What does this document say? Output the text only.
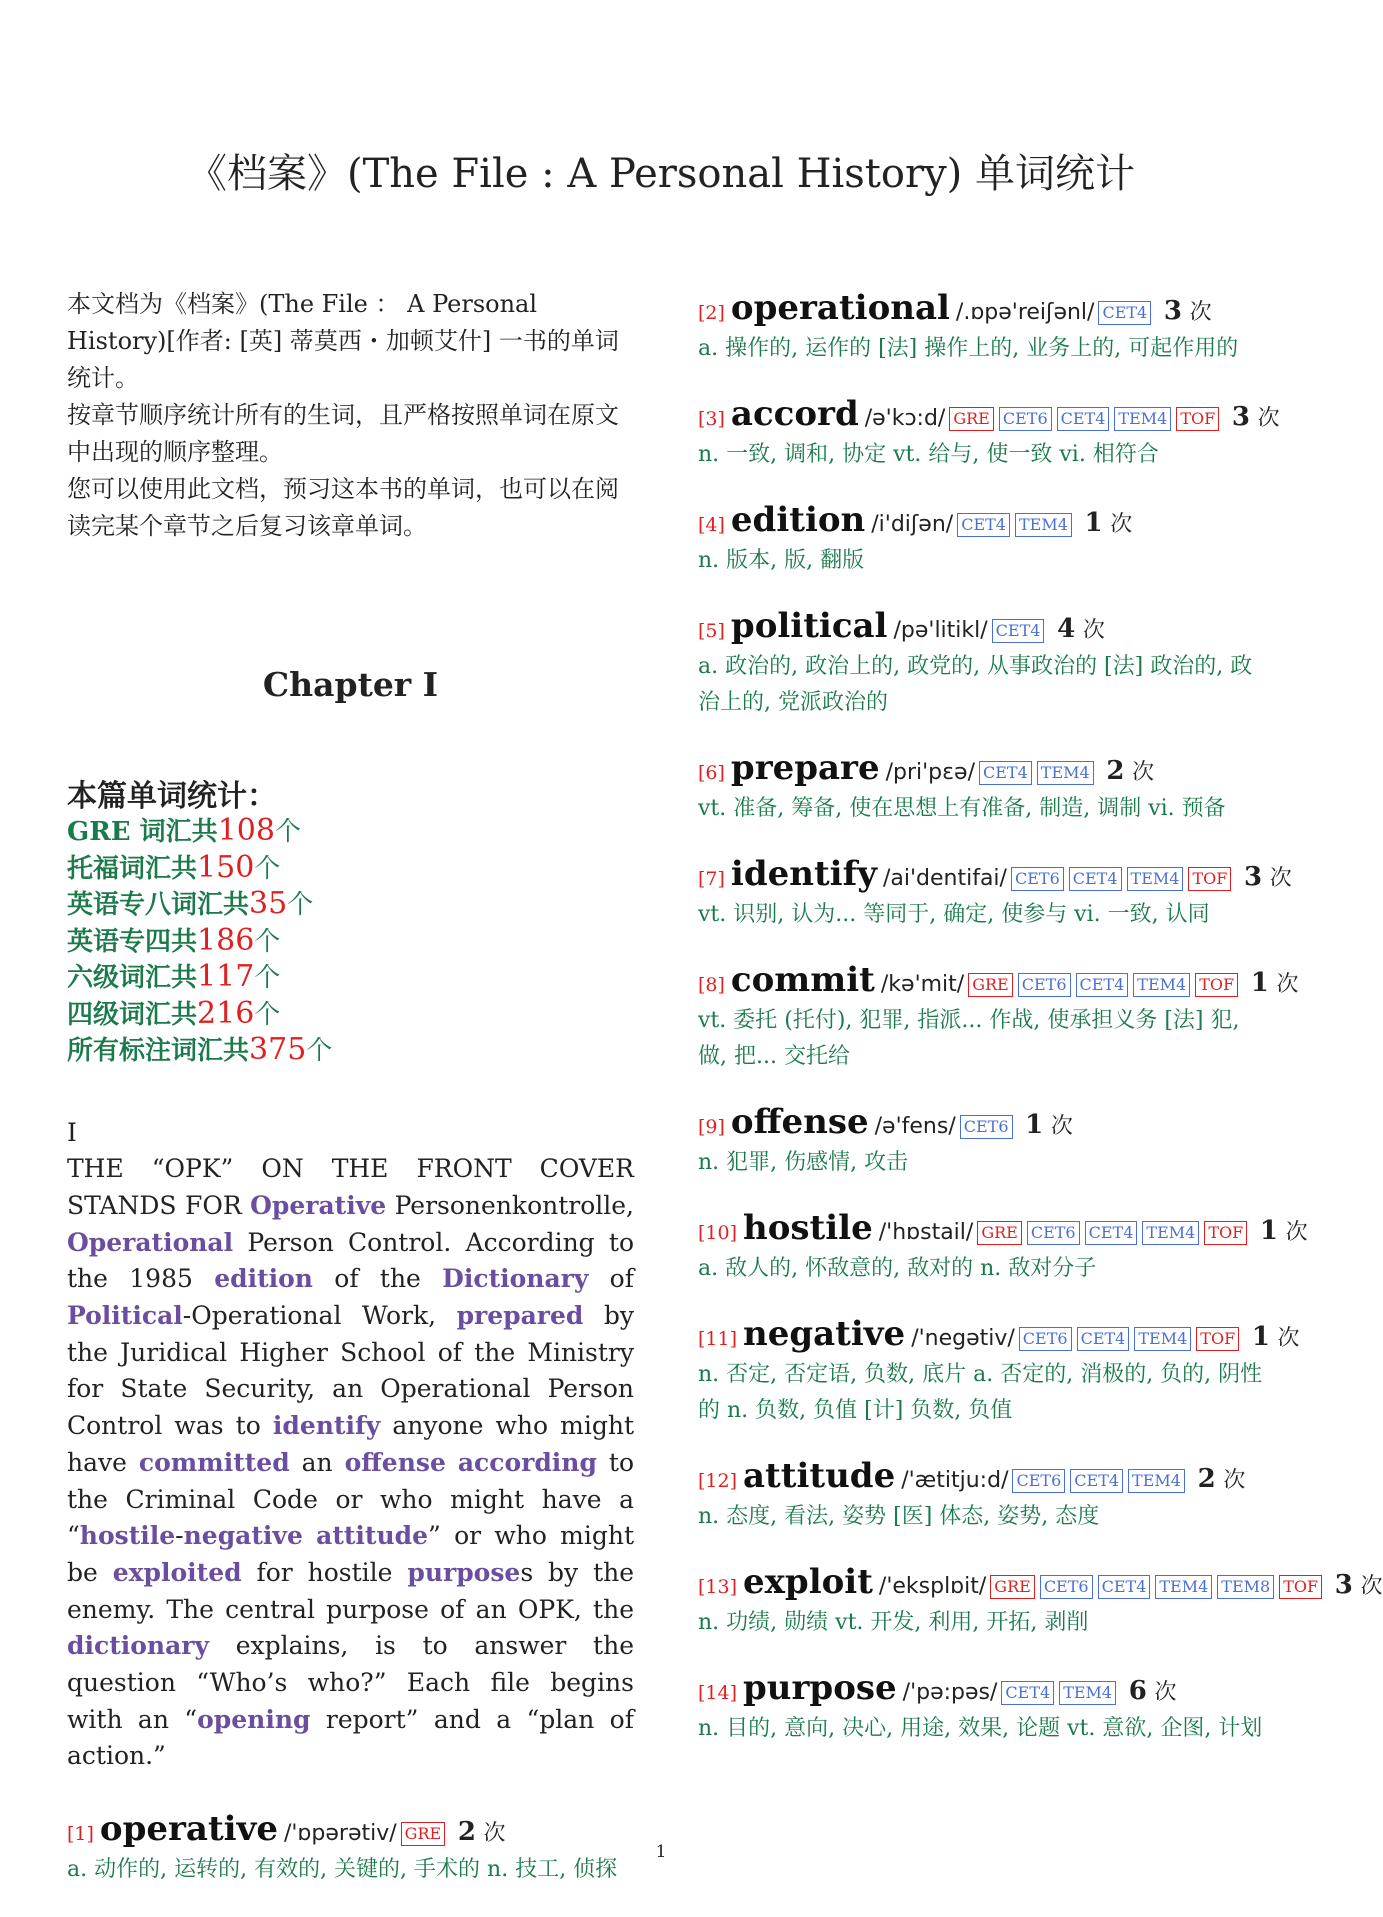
《档案》(The File : A Personal History) 单词统计

本文档为《档案》(The File ： A Personal History)[作者: [英] 蒂莫西・加顿艾什] 一书的单词统计。

按章节顺序统计所有的生词，且严格按照单词在原文中出现的顺序整理。

您可以使用此文档，预习这本书的单词，也可以在阅读完某个章节之后复习该章单词。

Chapter I
本篇单词统计：
GRE 词汇共108个
托福词汇共150个
英语专八词汇共35个
英语专四共186个
六级词汇共117个
四级词汇共216个
所有标注词汇共375个
I
THE “OPK” ON THE FRONT COVER STANDS FOR Operative Personenkontrolle, Operational Person Control. According to the 1985 edition of the Dictionary of Political-Operational Work, prepared by the Juridical Higher School of the Ministry for State Security, an Operational Person Control was to identify anyone who might have committed an offense according to the Criminal Code or who might have a “hostile-negative attitude” or who might be exploited for hostile purposes by the enemy. The central purpose of an OPK, the dictionary explains, is to answer the question “Who’s who?” Each file begins with an “opening report” and a “plan of action.”
[1] operative /'ɒpərətiv/ GRE 2 次
a. 动作的, 运转的, 有效的, 关键的, 手术的 n. 技工, 侦探
[2] operational /.ɒpə'reiʃənl/ CET4 3 次
a. 操作的, 运作的 [法] 操作上的, 业务上的, 可起作用的
[3] accord /ə'kɔ:d/ GRE CET6 CET4 TEM4 TOF 3 次
n. 一致, 调和, 协定 vt. 给与, 使一致 vi. 相符合
[4] edition /i'diʃən/ CET4 TEM4 1 次
n. 版本, 版, 翻版
[5] political /pə'litikl/ CET4 4 次
a. 政治的, 政治上的, 政党的, 从事政治的 [法] 政治的, 政治上的, 党派政治的
[6] prepare /pri'pɛə/ CET4 TEM4 2 次
vt. 准备, 筹备, 使在思想上有准备, 制造, 调制 vi. 预备
[7] identify /ai'dentifai/ CET6 CET4 TEM4 TOF 3 次
vt. 识别, 认为... 等同于, 确定, 使参与 vi. 一致, 认同
[8] commit /kə'mit/ GRE CET6 CET4 TEM4 TOF 1 次
vt. 委托 (托付), 犯罪, 指派... 作战, 使承担义务 [法] 犯, 做, 把... 交托给
[9] offense /ə'fens/ CET6 1 次
n. 犯罪, 伤感情, 攻击
[10] hostile /'hɒstail/ GRE CET6 CET4 TEM4 TOF 1 次
a. 敌人的, 怀敌意的, 敌对的 n. 敌对分子
[11] negative /'negətiv/ CET6 CET4 TEM4 TOF 1 次
n. 否定, 否定语, 负数, 底片 a. 否定的, 消极的, 负的, 阴性的 n. 负数, 负值 [计] 负数, 负值
[12] attitude /'ætitju:d/ CET6 CET4 TEM4 2 次
n. 态度, 看法, 姿势 [医] 体态, 姿势, 态度
[13] exploit /'eksplɒit/ GRE CET6 CET4 TEM4 TEM8 TOF 3 次
n. 功绩, 勋绩 vt. 开发, 利用, 开拓, 剥削
[14] purpose /'pə:pəs/ CET4 TEM4 6 次
n. 目的, 意向, 决心, 用途, 效果, 论题 vt. 意欲, 企图, 计划
1
